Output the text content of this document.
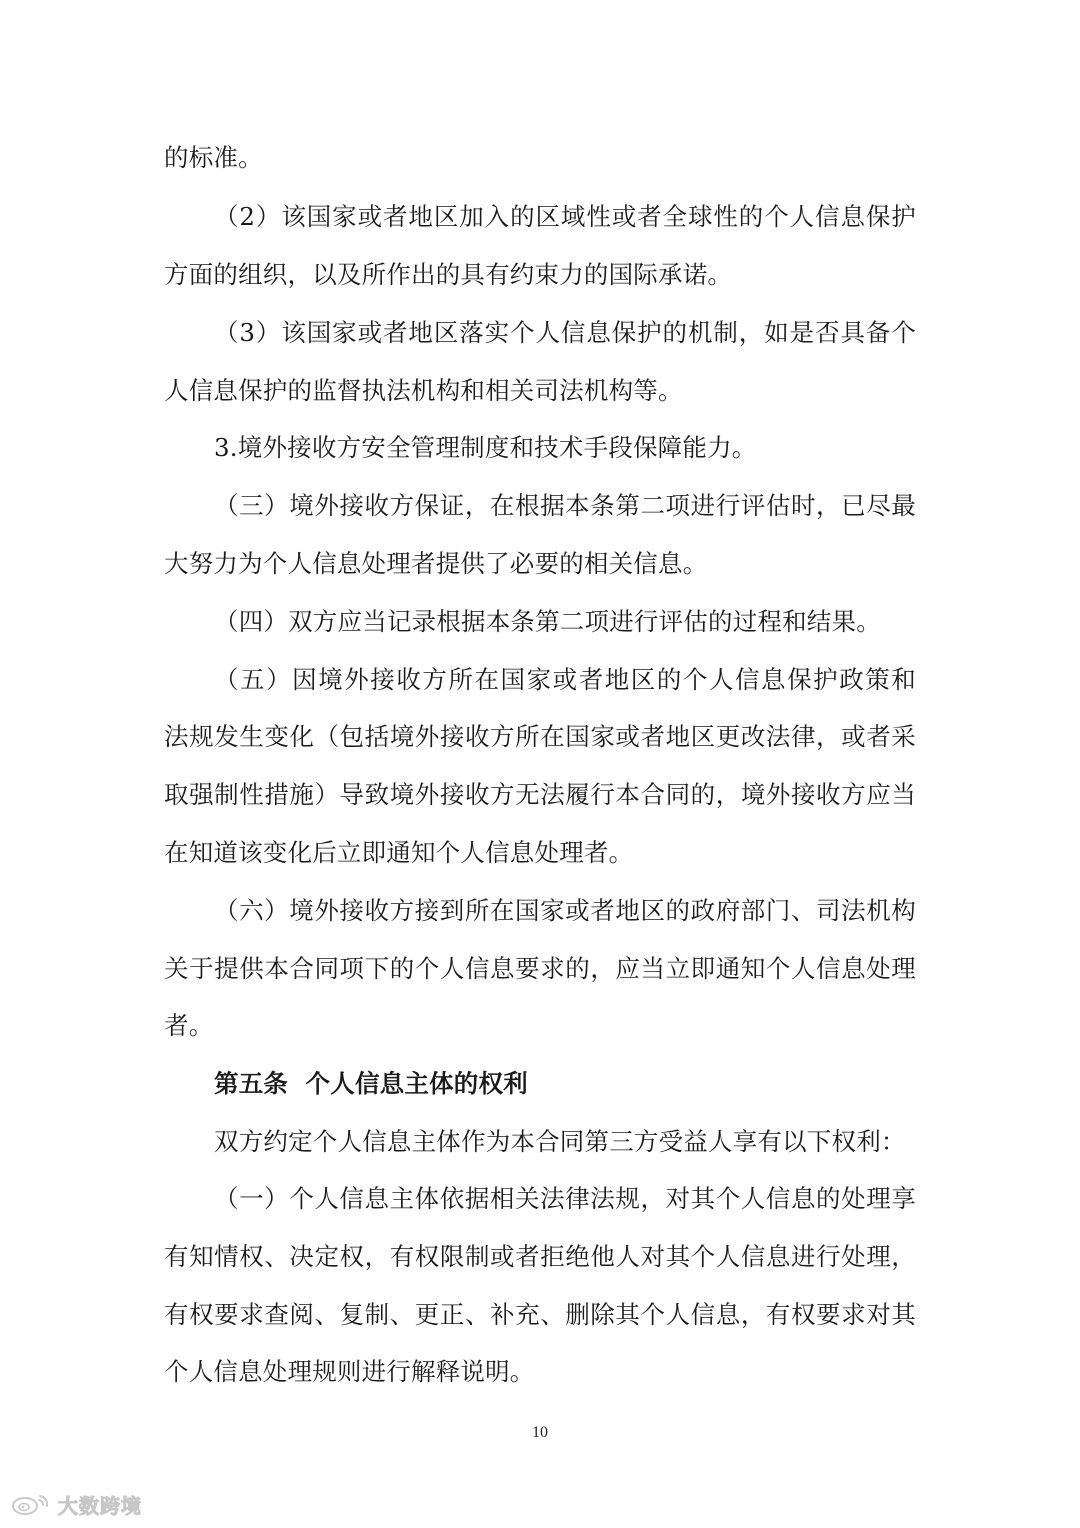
的标准。
（2）该国家或者地区加入的区域性或者全球性的个人信息保护
方面的组织，以及所作出的具有约束力的国际承诺。
（3）该国家或者地区落实个人信息保护的机制，如是否具备个
人信息保护的监督执法机构和相关司法机构等。
3.境外接收方安全管理制度和技术手段保障能力。
（三）境外接收方保证，在根据本条第二项进行评估时，已尽最
大努力为个人信息处理者提供了必要的相关信息。
（四）双方应当记录根据本条第二项进行评估的过程和结果。
（五）因境外接收方所在国家或者地区的个人信息保护政策和
法规发生变化（包括境外接收方所在国家或者地区更改法律，或者采
取强制性措施）导致境外接收方无法履行本合同的，境外接收方应当
在知道该变化后立即通知个人信息处理者。
（六）境外接收方接到所在国家或者地区的政府部门、司法机构
关于提供本合同项下的个人信息要求的，应当立即通知个人信息处理
者。
第五条  个人信息主体的权利
双方约定个人信息主体作为本合同第三方受益人享有以下权利：
（一）个人信息主体依据相关法律法规，对其个人信息的处理享
有知情权、决定权，有权限制或者拒绝他人对其个人信息进行处理，
有权要求查阅、复制、更正、补充、删除其个人信息，有权要求对其
个人信息处理规则进行解释说明。
10
大数跨境
